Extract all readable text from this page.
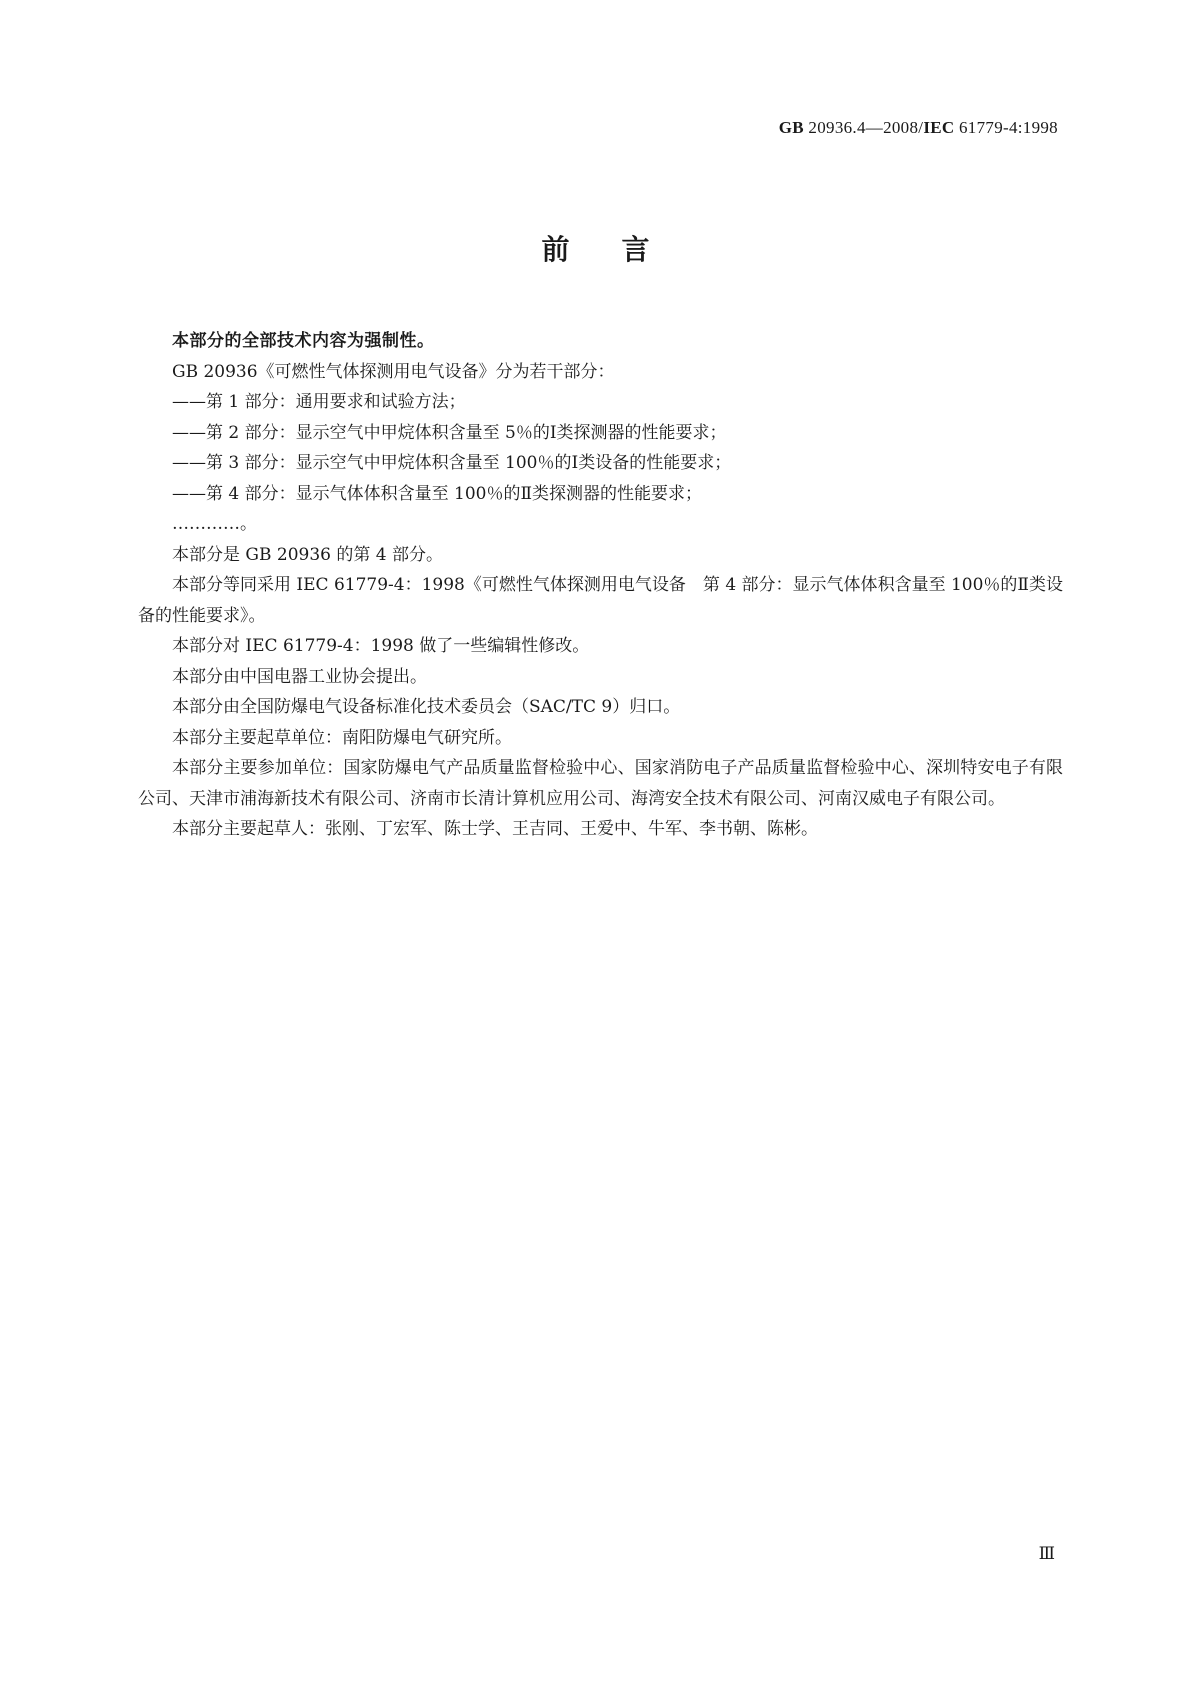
GB 20936.4—2008/IEC 61779-4:1998
前言

本部分的全部技术内容为强制性。

GB 20936《可燃性气体探测用电气设备》分为若干部分：

——第 1 部分：通用要求和试验方法；

——第 2 部分：显示空气中甲烷体积含量至 5％的Ⅰ类探测器的性能要求；

——第 3 部分：显示空气中甲烷体积含量至 100％的Ⅰ类设备的性能要求；

——第 4 部分：显示气体体积含量至 100％的Ⅱ类探测器的性能要求；

…………。

本部分是 GB 20936 的第 4 部分。

本部分等同采用 IEC 61779-4：1998《可燃性气体探测用电气设备　第 4 部分：显示气体体积含量至 100％的Ⅱ类设备的性能要求》。

本部分对 IEC 61779-4：1998 做了一些编辑性修改。

本部分由中国电器工业协会提出。

本部分由全国防爆电气设备标准化技术委员会（SAC/TC 9）归口。

本部分主要起草单位：南阳防爆电气研究所。

本部分主要参加单位：国家防爆电气产品质量监督检验中心、国家消防电子产品质量监督检验中心、深圳特安电子有限公司、天津市浦海新技术有限公司、济南市长清计算机应用公司、海湾安全技术有限公司、河南汉威电子有限公司。

本部分主要起草人：张刚、丁宏军、陈士学、王吉同、王爱中、牛军、李书朝、陈彬。

Ⅲ
